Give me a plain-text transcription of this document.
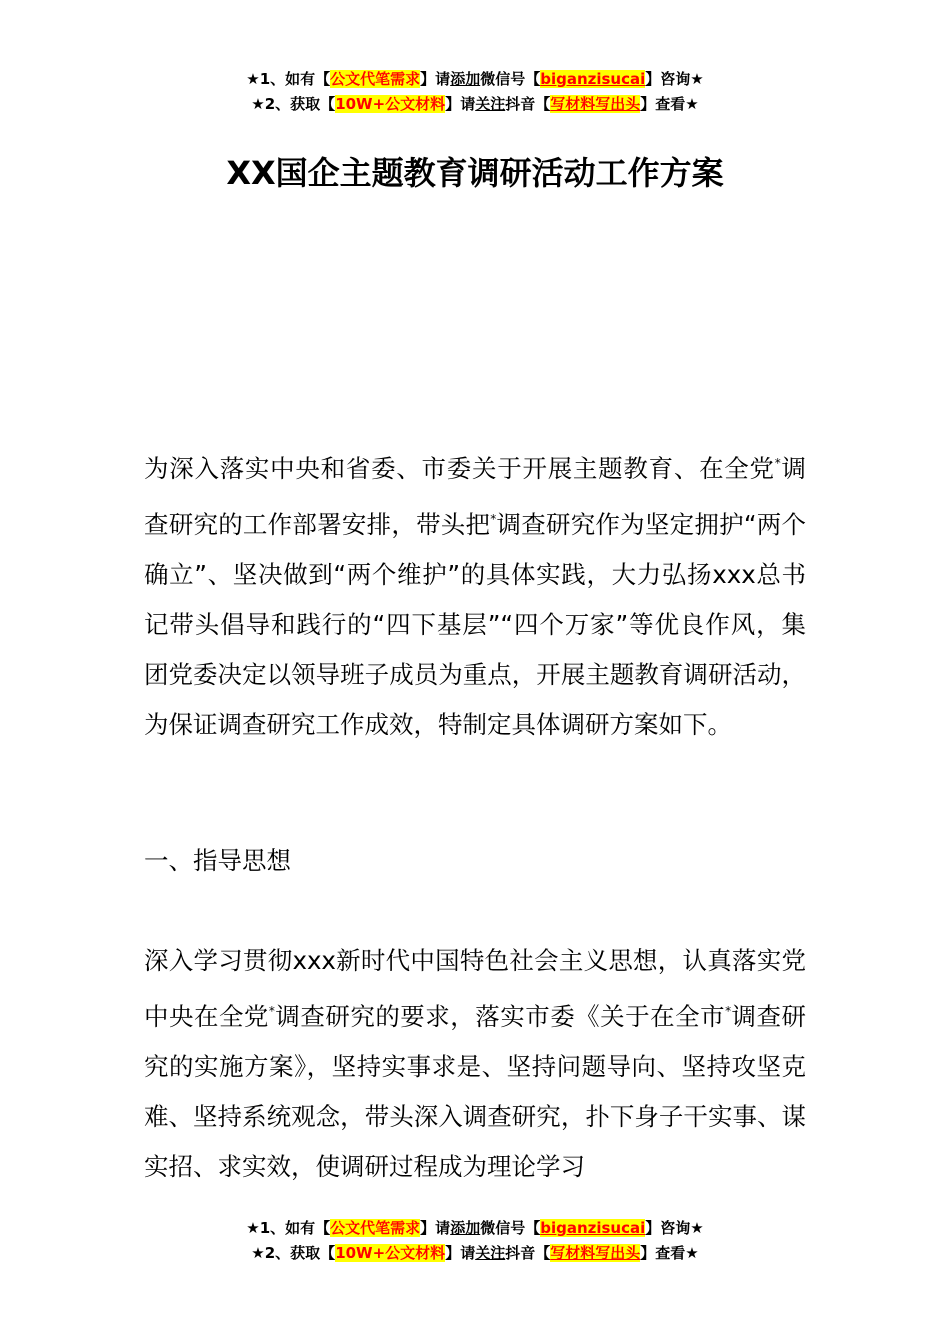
★1、如有【公文代笔需求】请添加微信号【biganzisucai】咨询★
★2、获取【10W+公文材料】请关注抖音【写材料写出头】查看★
XX国企主题教育调研活动工作方案

为深入落实中央和省委、市委关于开展主题教育、在全党*调查研究的工作部署安排，带头把*调查研究作为坚定拥护“两个确立”、坚决做到“两个维护”的具体实践，大力弘扬xxx总书记带头倡导和践行的“四下基层”“四个万家”等优良作风，集团党委决定以领导班子成员为重点，开展主题教育调研活动，为保证调查研究工作成效，特制定具体调研方案如下。

一、指导思想

深入学习贯彻xxx新时代中国特色社会主义思想，认真落实党中央在全党*调查研究的要求，落实市委《关于在全市*调查研究的实施方案》，坚持实事求是、坚持问题导向、坚持攻坚克难、坚持系统观念，带头深入调查研究，扑下身子干实事、谋实招、求实效，使调研过程成为理论学习

★1、如有【公文代笔需求】请添加微信号【biganzisucai】咨询★
★2、获取【10W+公文材料】请关注抖音【写材料写出头】查看★
